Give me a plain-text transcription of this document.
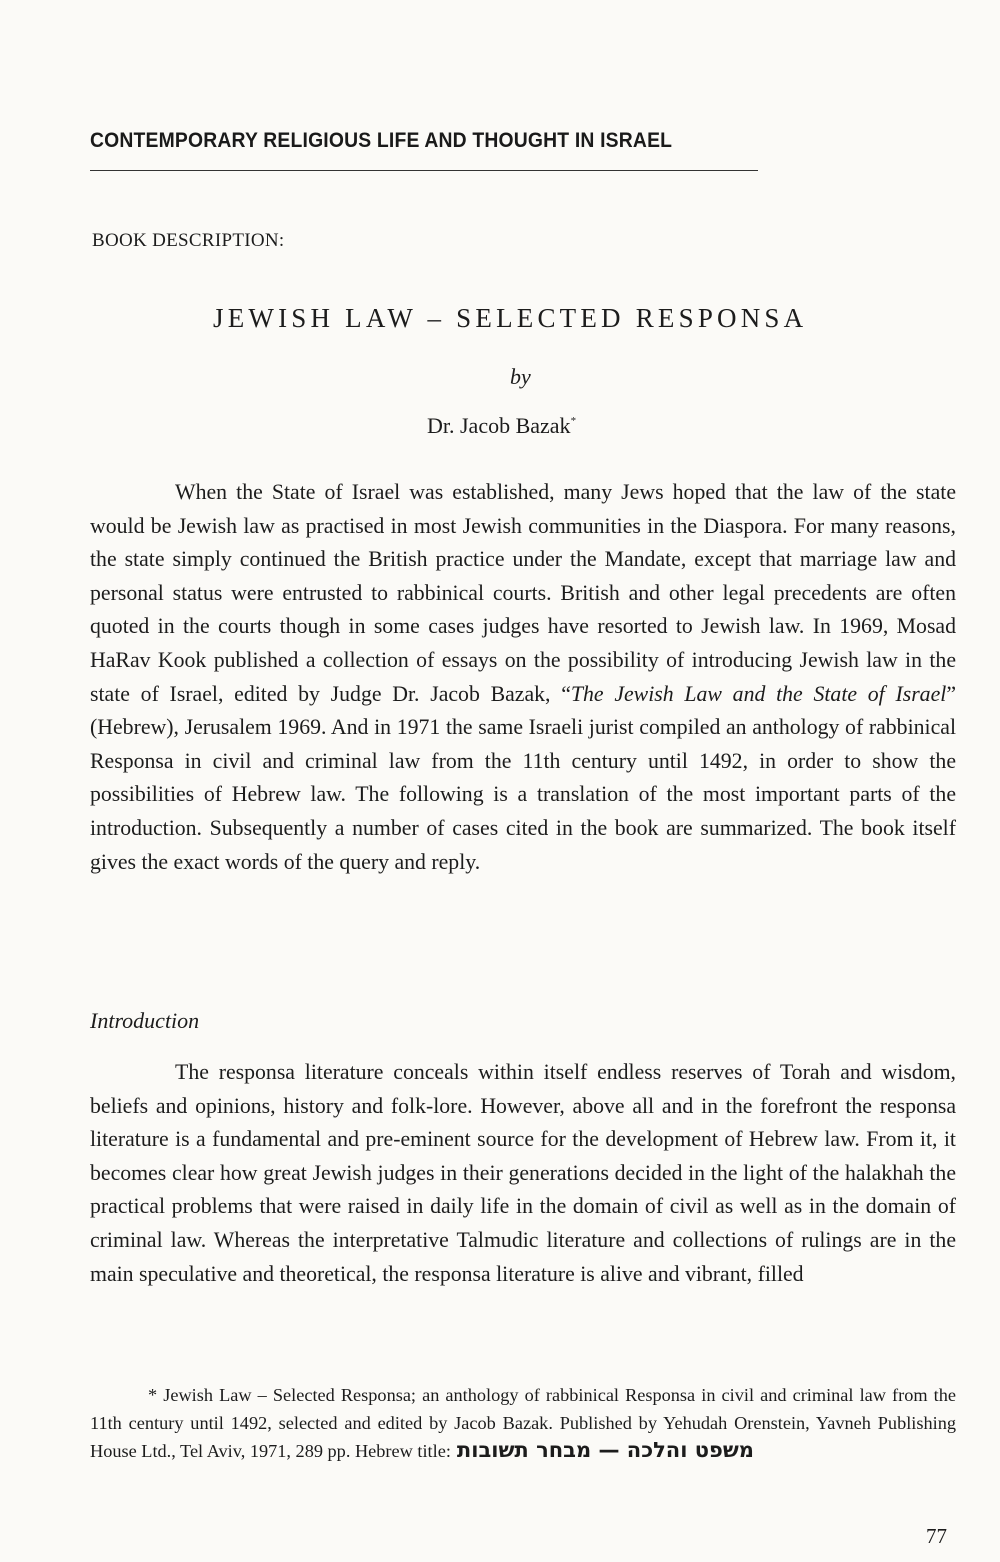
CONTEMPORARY RELIGIOUS LIFE AND THOUGHT IN ISRAEL
BOOK DESCRIPTION:
JEWISH LAW – SELECTED RESPONSA
by
Dr. Jacob Bazak*

When the State of Israel was established, many Jews hoped that the law of the state would be Jewish law as practised in most Jewish communities in the Diaspora. For many reasons, the state simply continued the British practice under the Mandate, except that marriage law and personal status were entrusted to rabbinical courts. British and other legal precedents are often quoted in the courts though in some cases judges have resorted to Jewish law. In 1969, Mosad HaRav Kook published a collection of essays on the possibility of introducing Jewish law in the state of Israel, edited by Judge Dr. Jacob Bazak, “The Jewish Law and the State of Israel” (Hebrew), Jerusalem 1969. And in 1971 the same Israeli jurist compiled an anthology of rabbinical Responsa in civil and criminal law from the 11th century until 1492, in order to show the possibilities of Hebrew law. The following is a translation of the most important parts of the introduction. Subsequently a number of cases cited in the book are summarized. The book itself gives the exact words of the query and reply.

Introduction

The responsa literature conceals within itself endless reserves of Torah and wisdom, beliefs and opinions, history and folk-lore. However, above all and in the forefront the responsa literature is a fundamental and pre-eminent source for the development of Hebrew law. From it, it becomes clear how great Jewish judges in their generations decided in the light of the halakhah the practical problems that were raised in daily life in the domain of civil as well as in the domain of criminal law. Whereas the interpretative Talmudic literature and collections of rulings are in the main speculative and theoretical, the responsa literature is alive and vibrant, filled

* Jewish Law – Selected Responsa; an anthology of rabbinical Responsa in civil and criminal law from the 11th century until 1492, selected and edited by Jacob Bazak. Published by Yehudah Orenstein, Yavneh Publishing House Ltd., Tel Aviv, 1971, 289 pp. Hebrew title: משפט והלכה — מבחר תשובות

77
